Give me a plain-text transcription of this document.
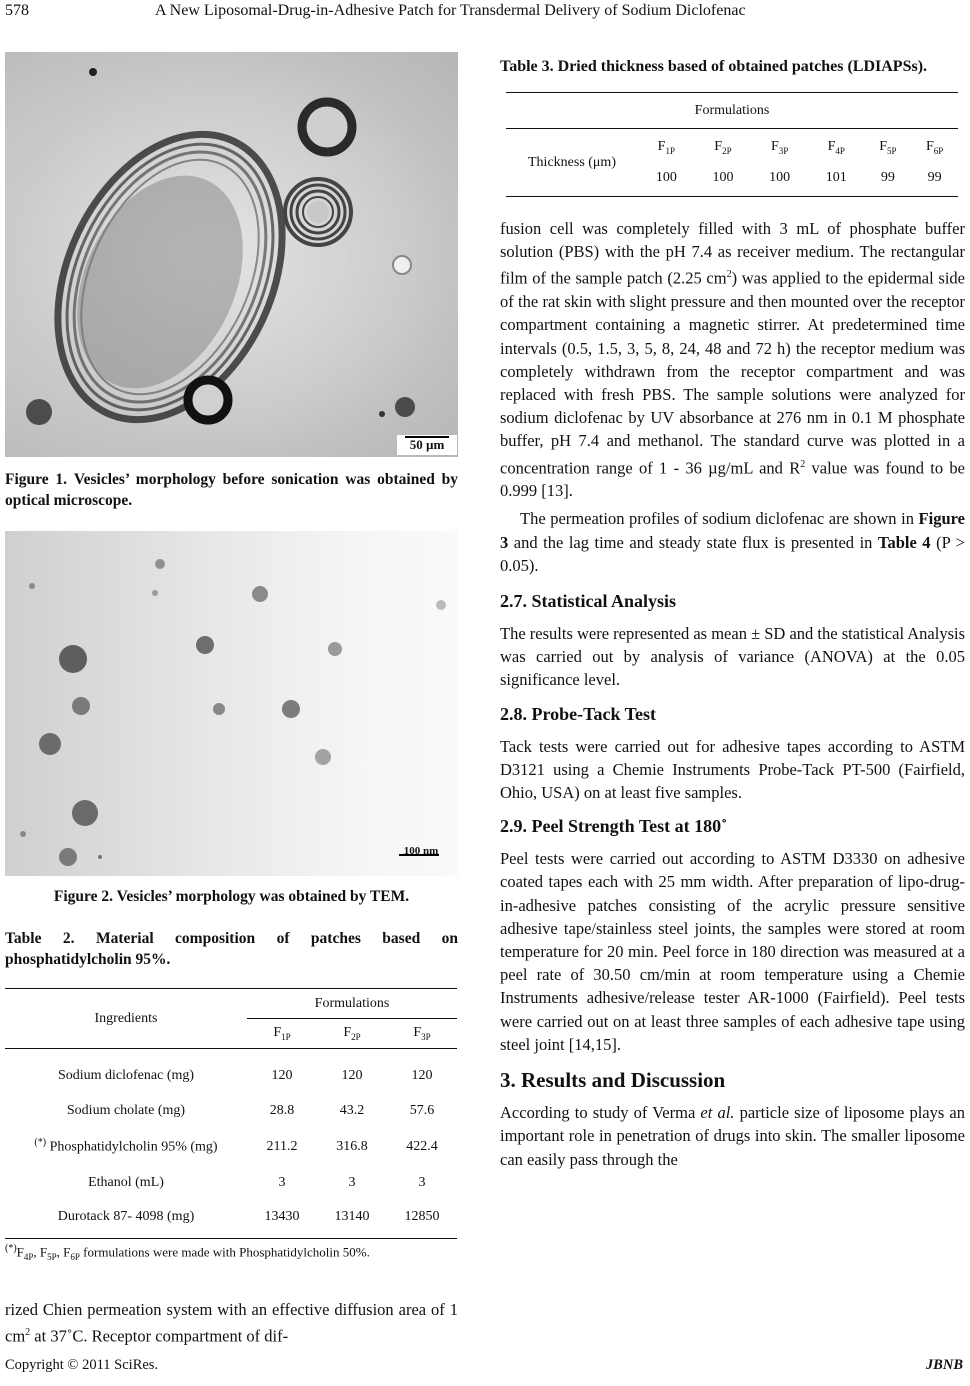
578	A New Liposomal-Drug-in-Adhesive Patch for Transdermal Delivery of Sodium Diclofenac
50 µm

Figure 1. Vesicles’ morphology before sonication was obtained by optical microscope.

$^{100 nm}$

Figure 2. Vesicles’ morphology was obtained by TEM.

Table 2. Material composition of patches based on phosphatidylcholin 95%.

Ingredients	Formulations		
	$F_{1P}$	$F_{2P}$	$F_{3P}$
Sodium diclofenac (mg)	120	120	120
Sodium cholate (mg)	28.8	43.2	57.6
(*) Phosphatidylcholin 95% (mg)	211.2	316.8	422.4
Ethanol (mL)	3	3	3
Durotack 87- 4098 (mg)	13430	13140	12850

$^{(*)}F_{4P}$, $F_{5P}$, $F_{6P}$ formulations were made with Phosphatidylcholin 50%.

rized Chien permeation system with an effective diffusion area of 1 $cm^2$ at 37˚C. Receptor compartment of dif-

Table 3. Dried thickness based of obtained patches (LDIAPSs).

Formulations						
Thickness (μm)	$F_{1P}$	$F_{2P}$	$F_{3P}$	$F_{4P}$	$F_{5P}$	$F_{6P}$
	100	100	100	101	99	99

fusion cell was completely filled with 3 mL of phosphate buffer solution (PBS) with the pH 7.4 as receiver medium. The rectangular film of the sample patch (2.25 $cm^2$) was applied to the epidermal side of the rat skin with slight pressure and then mounted over the receptor compartment containing a magnetic stirrer. At predetermined time intervals (0.5, 1.5, 3, 5, 8, 24, 48 and 72 h) the receptor medium was completely withdrawn from the receptor compartment and was replaced with fresh PBS. The sample solutions were analyzed for sodium diclofenac by UV absorbance at 276 nm in 0.1 M phosphate buffer, pH 7.4 and methanol. The standard curve was plotted in a concentration range of 1 - 36 µg/mL and $R^2$ value was found to be 0.999 [13].

The permeation profiles of sodium diclofenac are shown in Figure 3 and the lag time and steady state flux is presented in Table 4 (P > 0.05).

2.7. Statistical Analysis

The results were represented as mean ± SD and the statistical Analysis was carried out by analysis of variance (ANOVA) at the 0.05 significance level.

2.8. Probe-Tack Test

Tack tests were carried out for adhesive tapes according to ASTM D3121 using a Chemie Instruments Probe-Tack PT-500 (Fairfield, Ohio, USA) on at least five samples.

2.9. Peel Strength Test at 180˚

Peel tests were carried out according to ASTM D3330 on adhesive coated tapes each with 25 mm width. After preparation of lipo-drug-in-adhesive patches consisting of the acrylic pressure sensitive adhesive tape/stainless steel joints, the samples were stored at room temperature for 20 min. Peel force in 180 direction was measured at a peel rate of 30.50 cm/min at room temperature using a Chemie Instruments adhesive/release tester AR-1000 (Fairfield). Peel tests were carried out on at least three samples of each adhesive tape using steel joint [14,15].

3. Results and Discussion

According to study of Verma et al. particle size of liposome plays an important role in penetration of drugs into skin. The smaller liposome can easily pass through the

Copyright © 2011 SciRes.	JBNB
